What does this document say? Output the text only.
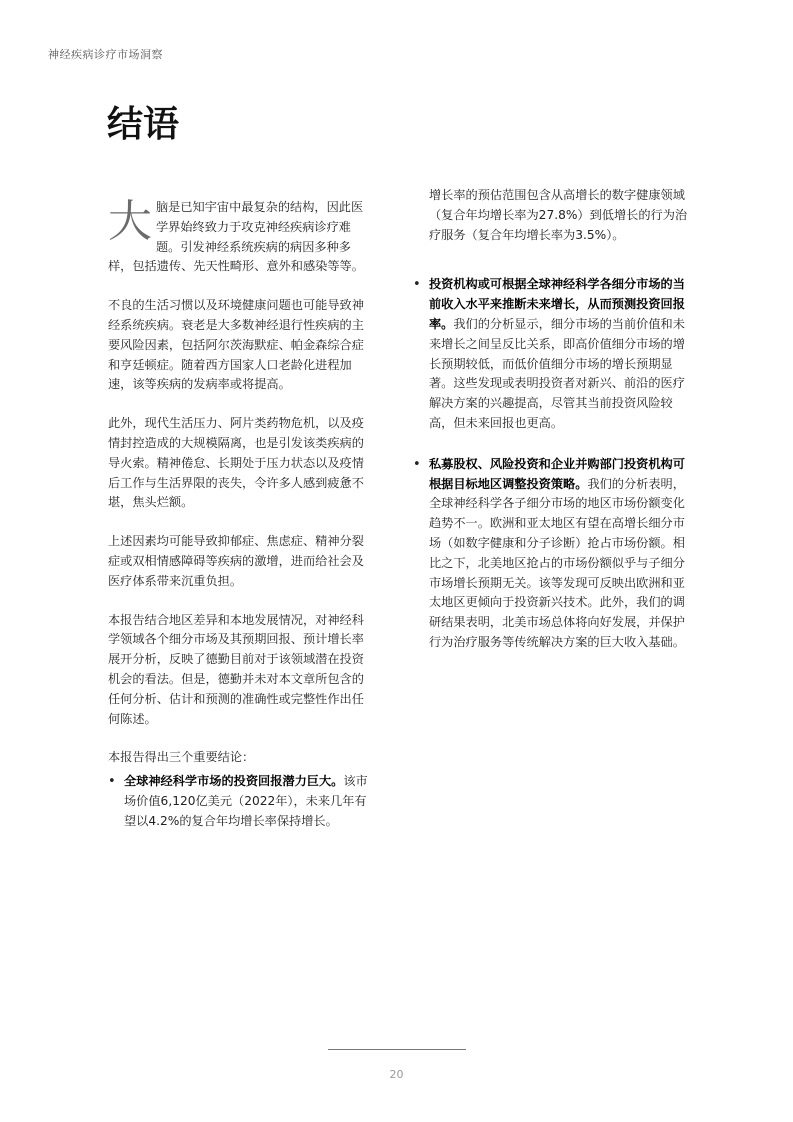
神经疾病诊疗市场洞察
结语

大脑是已知宇宙中最复杂的结构，因此医学界始终致力于攻克神经疾病诊疗难题。引发神经系统疾病的病因多种多样，包括遗传、先天性畸形、意外和感染等等。

不良的生活习惯以及环境健康问题也可能导致神经系统疾病。衰老是大多数神经退行性疾病的主要风险因素，包括阿尔茨海默症、帕金森综合症和亨廷顿症。随着西方国家人口老龄化进程加速，该等疾病的发病率或将提高。

此外，现代生活压力、阿片类药物危机，以及疫情封控造成的大规模隔离，也是引发该类疾病的导火索。精神倦怠、长期处于压力状态以及疫情后工作与生活界限的丧失，令许多人感到疲惫不堪，焦头烂额。

上述因素均可能导致抑郁症、焦虑症、精神分裂症或双相情感障碍等疾病的激增，进而给社会及医疗体系带来沉重负担。

本报告结合地区差异和本地发展情况，对神经科学领域各个细分市场及其预期回报、预计增长率展开分析，反映了德勤目前对于该领域潜在投资机会的看法。但是，德勤并未对本文章所包含的任何分析、估计和预测的准确性或完整性作出任何陈述。

本报告得出三个重要结论：

• 全球神经科学市场的投资回报潜力巨大。该市场价值6,120亿美元（2022年），未来几年有望以4.2%的复合年均增长率保持增长。

增长率的预估范围包含从高增长的数字健康领域（复合年均增长率为27.8%）到低增长的行为治疗服务（复合年均增长率为3.5%）。

• 投资机构或可根据全球神经科学各细分市场的当前收入水平来推断未来增长，从而预测投资回报率。我们的分析显示，细分市场的当前价值和未来增长之间呈反比关系，即高价值细分市场的增长预期较低，而低价值细分市场的增长预期显著。这些发现或表明投资者对新兴、前沿的医疗解决方案的兴趣提高，尽管其当前投资风险较高，但未来回报也更高。
• 私募股权、风险投资和企业并购部门投资机构可根据目标地区调整投资策略。我们的分析表明，全球神经科学各子细分市场的地区市场份额变化趋势不一。欧洲和亚太地区有望在高增长细分市场（如数字健康和分子诊断）抢占市场份额。相比之下，北美地区抢占的市场份额似乎与子细分市场增长预期无关。该等发现可反映出欧洲和亚太地区更倾向于投资新兴技术。此外，我们的调研结果表明，北美市场总体将向好发展，并保护行为治疗服务等传统解决方案的巨大收入基础。
20
